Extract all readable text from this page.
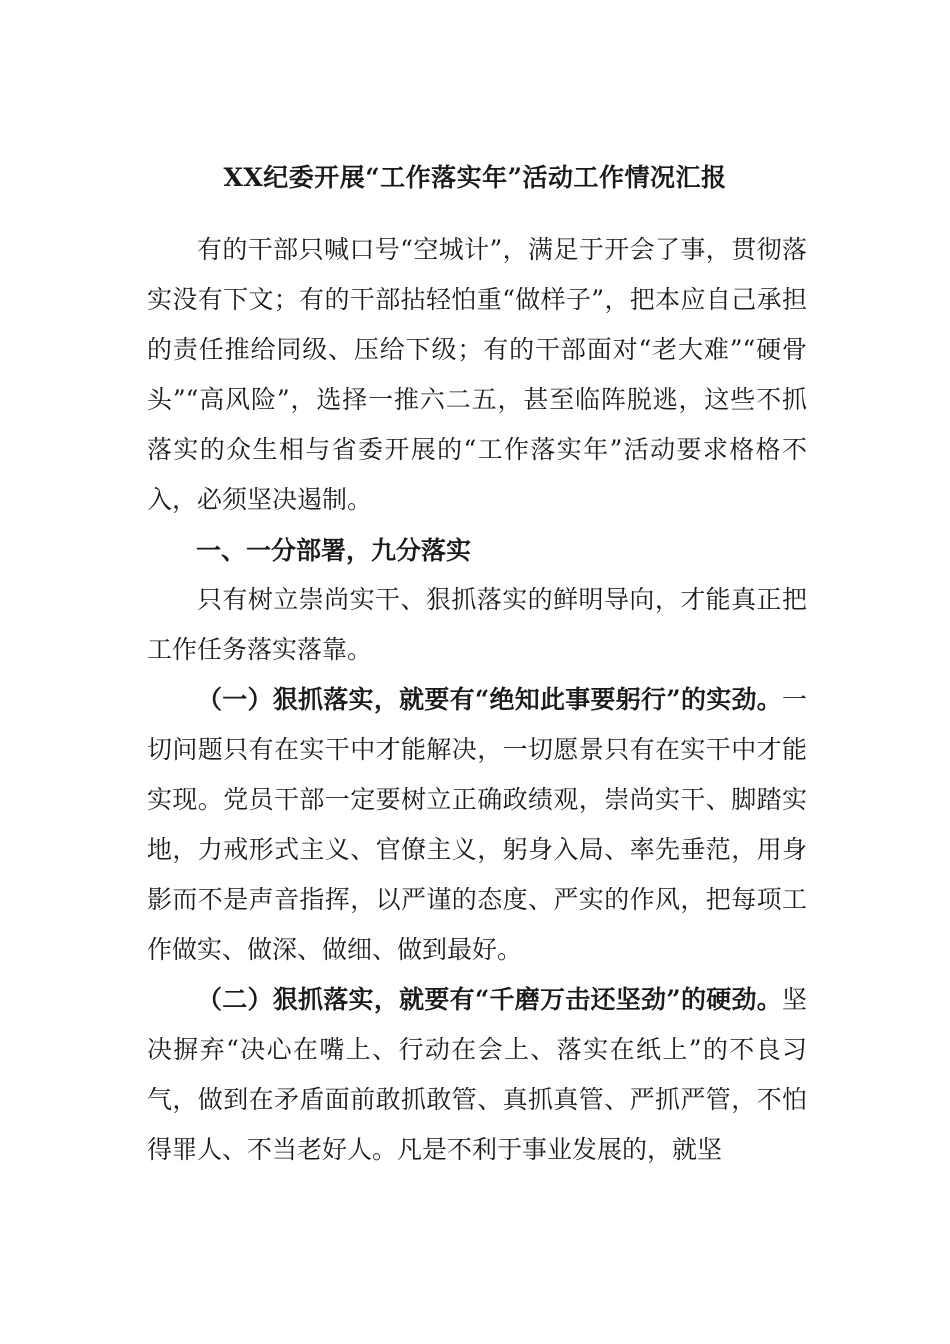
XX纪委开展“工作落实年”活动工作情况汇报

有的干部只喊口号“空城计”，满足于开会了事，贯彻落实没有下文；有的干部拈轻怕重“做样子”，把本应自己承担的责任推给同级、压给下级；有的干部面对“老大难”“硬骨头”“高风险”，选择一推六二五，甚至临阵脱逃，这些不抓落实的众生相与省委开展的“工作落实年”活动要求格格不入，必须坚决遏制。

一、一分部署，九分落实

只有树立崇尚实干、狠抓落实的鲜明导向，才能真正把工作任务落实落靠。

（一）狠抓落实，就要有“绝知此事要躬行”的实劲。一切问题只有在实干中才能解决，一切愿景只有在实干中才能实现。党员干部一定要树立正确政绩观，崇尚实干、脚踏实地，力戒形式主义、官僚主义，躬身入局、率先垂范，用身影而不是声音指挥，以严谨的态度、严实的作风，把每项工作做实、做深、做细、做到最好。

（二）狠抓落实，就要有“千磨万击还坚劲”的硬劲。坚决摒弃“决心在嘴上、行动在会上、落实在纸上”的不良习气，做到在矛盾面前敢抓敢管、真抓真管、严抓严管，不怕得罪人、不当老好人。凡是不利于事业发展的，就坚
